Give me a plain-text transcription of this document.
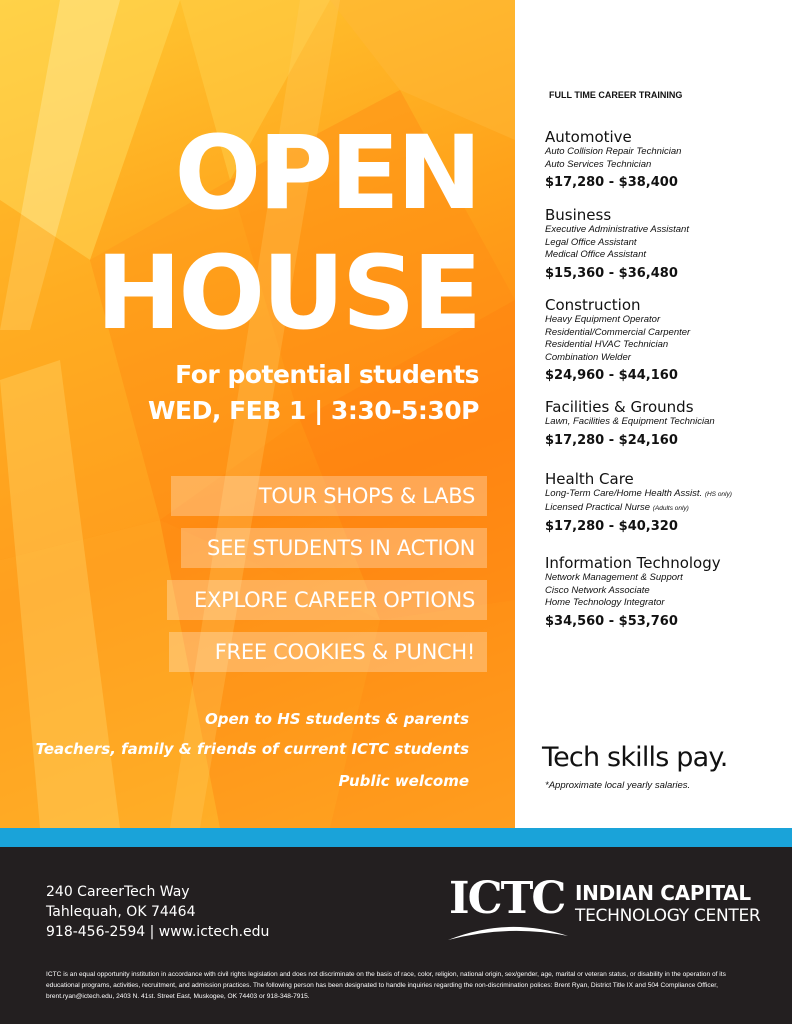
OPEN

HOUSE

For potential students

WED, FEB 1 | 3:30-5:30P

TOUR SHOPS & LABS
SEE STUDENTS IN ACTION
EXPLORE CAREER OPTIONS
FREE COOKIES & PUNCH!

Open to HS students & parents

Teachers, family & friends of current ICTC students

Public welcome

FULL TIME CAREER TRAINING

Automotive

Auto Collision Repair Technician

Auto Services Technician

$17,280 - $38,400

Business

Executive Administrative Assistant

Legal Office Assistant

Medical Office Assistant

$15,360 - $36,480

Construction

Heavy Equipment Operator

Residential/Commercial Carpenter

Residential HVAC Technician

Combination Welder

$24,960 - $44,160

Facilities & Grounds

Lawn, Facilities & Equipment Technician

$17,280 - $24,160

Health Care

Long-Term Care/Home Health Assist. (HS only)

Licensed Practical Nurse (Adults only)

$17,280 - $40,320

Information Technology

Network Management & Support

Cisco Network Associate

Home Technology Integrator

$34,560 - $53,760

Tech skills pay.

*Approximate local yearly salaries.

240 CareerTech Way
Tahlequah, OK 74464
918-456-2594 | www.ictech.edu

ICTC INDIAN CAPITAL

TECHNOLOGY CENTER

ICTC is an equal opportunity institution in accordance with civil rights legislation and does not discriminate on the basis of race, color, religion, national origin, sex/gender, age, marital or veteran status, or disability in the operation of its educational programs, activities, recruitment, and admission practices. The following person has been designated to handle inquiries regarding the non-discrimination polices: Brent Ryan, District Title IX and 504 Compliance Officer, brent.ryan@ictech.edu, 2403 N. 41st. Street East, Muskogee, OK 74403 or 918-348-7915.
